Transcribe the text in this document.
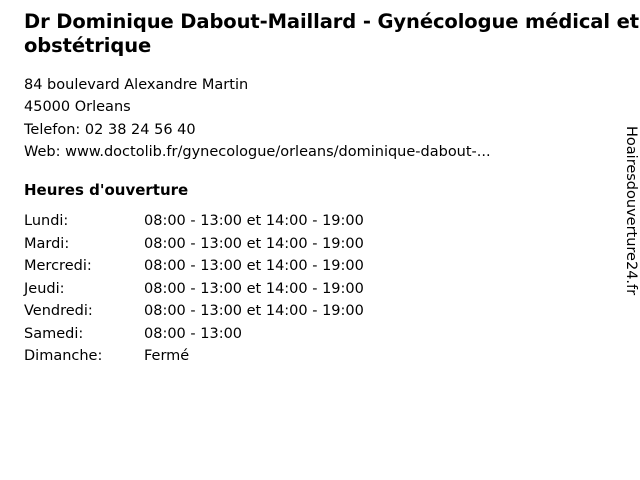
Dr Dominique Dabout-Maillard - Gynécologue médical et obstétrique
84 boulevard Alexandre Martin
45000 Orleans
Telefon: 02 38 24 56 40
Web: www.doctolib.fr/gynecologue/orleans/dominique-dabout-...
Heures d'ouverture
Lundi:	08:00 - 13:00 et 14:00 - 19:00
Mardi:	08:00 - 13:00 et 14:00 - 19:00
Mercredi:	08:00 - 13:00 et 14:00 - 19:00
Jeudi:	08:00 - 13:00 et 14:00 - 19:00
Vendredi:	08:00 - 13:00 et 14:00 - 19:00
Samedi:	08:00 - 13:00
Dimanche:	Fermé
Hoairesdouverture24.fr
